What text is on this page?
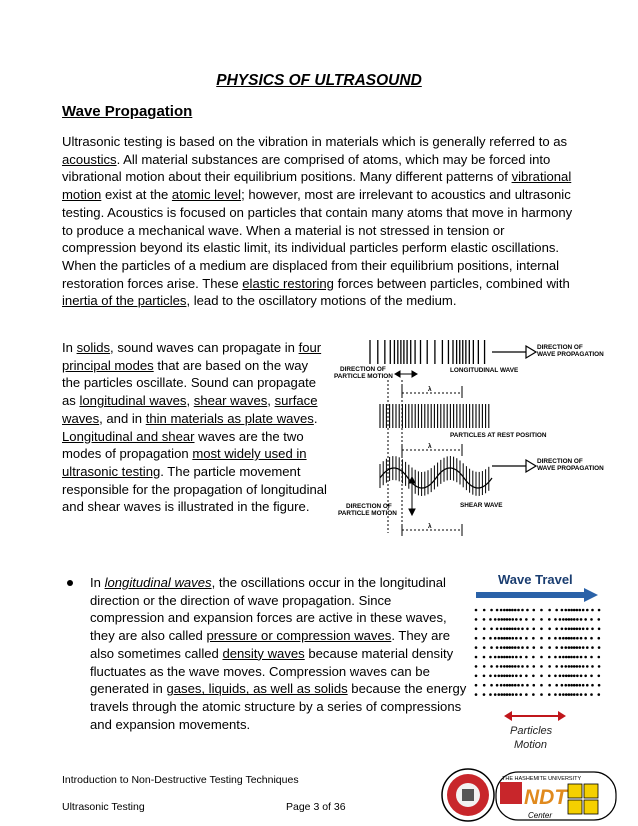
PHYSICS OF ULTRASOUND
Wave Propagation

Ultrasonic testing is based on the vibration in materials which is generally referred to as acoustics. All material substances are comprised of atoms, which may be forced into vibrational motion about their equilibrium positions. Many different patterns of vibrational motion exist at the atomic level; however, most are irrelevant to acoustics and ultrasonic testing. Acoustics is focused on particles that contain many atoms that move in harmony to produce a mechanical wave. When a material is not stressed in tension or compression beyond its elastic limit, its individual particles perform elastic oscillations. When the particles of a medium are displaced from their equilibrium positions, internal restoration forces arise. These elastic restoring forces between particles, combined with inertia of the particles, lead to the oscillatory motions of the medium.

In solids, sound waves can propagate in four principal modes that are based on the way the particles oscillate. Sound can propagate as longitudinal waves, shear waves, surface waves, and in thin materials as plate waves. Longitudinal and shear waves are the two modes of propagation most widely used in ultrasonic testing. The particle movement responsible for the propagation of longitudinal and shear waves is illustrated in the figure.

DIRECTION OF
WAVE PROPAGATION
DIRECTION OF
PARTICLE MOTION
LONGITUDINAL WAVE
λ
PARTICLES AT REST POSITION
λ
DIRECTION OF
WAVE PROPAGATION
DIRECTION OF
PARTICLE MOTION
SHEAR WAVE
λ
In longitudinal waves, the oscillations occur in the longitudinal direction or the direction of wave propagation. Since compression and expansion forces are active in these waves, they are also called pressure or compression waves. They are also sometimes called density waves because material density fluctuates as the wave moves. Compression waves can be generated in gases, liquids, as well as solids because the energy travels through the atomic structure by a series of compressions and expansion movements.
Wave Travel
Particles
Motion
Introduction to Non-Destructive Testing Techniques
Ultrasonic Testing	Page 3 of 36
THE HASHEMITE UNIVERSITY
NDT
Center
